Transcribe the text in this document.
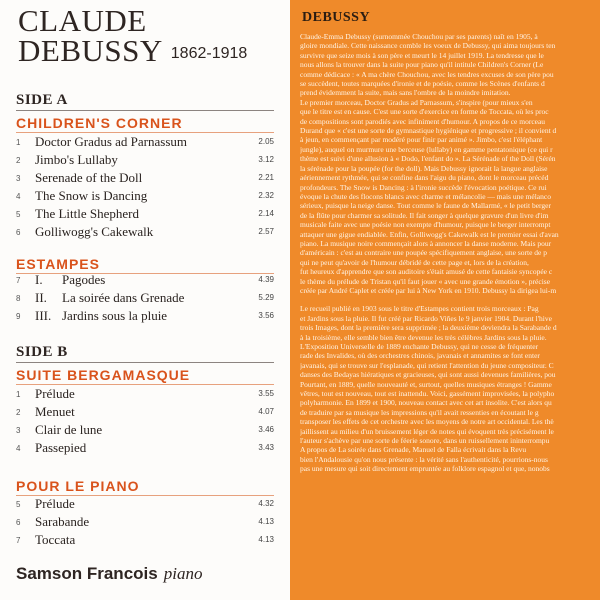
CLAUDE
DEBUSSY 1862-1918
SIDE A
CHILDREN'S CORNER
1	Doctor Gradus ad Parnassum	2.05
2	Jimbo's Lullaby	3.12
3	Serenade of the Doll	2.21
4	The Snow is Dancing	2.32
5	The Little Shepherd	2.14
6	Golliwogg's Cakewalk	2.57
ESTAMPES
7	I. Pagodes	4.39
8	II. La soirée dans Grenade	5.29
9	III. Jardins sous la pluie	3.56
SIDE B
SUITE BERGAMASQUE
1	Prélude	3.55
2	Menuet	4.07
3	Clair de lune	3.46
4	Passepied	3.43
POUR LE PIANO
5	Prélude	4.32
6	Sarabande	4.13
7	Toccata	4.13
Samson Francois piano
DEBUSSY
Claude-Emma Debussy (surnommée Chouchou par ses parents) naît en 1905, à
gloire mondiale. Cette naissance comble les voeux de Debussy, qui aima toujours ten
survivre que seize mois à son père et meurt le 14 juillet 1919. La tendresse que le
nous allons la trouver dans la suite pour piano qu'il intitule Children's Corner (Le
comme dédicace : « A ma chère Chouchou, avec les tendres excuses de son père pou
se succèdent, toutes marquées d'ironie et de poésie, comme les Scènes d'enfants d
prend évidemment la suite, mais sans l'ombre de la moindre imitation.
Le premier morceau, Doctor Gradus ad Parnassum, s'inspire (pour mieux s'en
que le titre est en cause. C'est une sorte d'exercice en forme de Toccata, où les proc
de compositions sont parodiés avec infiniment d'humour. A propos de ce morceau
Durand que « c'est une sorte de gymnastique hygiénique et progressive ; il convient d
à jeun, en commençant par modéré pour finir par animé ». Jimbo, c'est l'éléphant
jungle), auquel on murmure une berceuse (lullaby) en gamme pentatonique (ce qui r
thème est suivi d'une allusion à « Dodo, l'enfant do ». La Sérénade of the Doll (Sérén
la sérénade pour la poupée (for the doll). Mais Debussy ignorait la langue anglaise
aériennement rythmée, qui se confine dans l'aigu du piano, dont le morceau précéd
profondeurs. The Snow is Dancing : à l'ironie succède l'évocation poétique. Ce rui
évoque la chute des flocons blancs avec charme et mélancolie — mais une mélanco
sérieux, puisque la neige danse. Tout comme le faune de Mallarmé, « le petit berger
de la flûte pour charmer sa solitude. Il fait songer à quelque gravure d'un livre d'im
musicale faite avec une poésie non exempte d'humour, puisque le berger interrompt
attaquer une gigue endiablée. Enfin, Golliwogg's Cakewalk est le premier essai d'avan
piano. La musique noire commençait alors à annoncer la danse moderne. Mais pour
d'américain : c'est au contraire une poupée spécifiquement anglaise, une sorte de p
qui ne peut qu'avoir de l'humour débridé de cette page et, lors de la création,
fut heureux d'apprendre que son auditoire s'était amusé de cette fantaisie syncopée c
le thème du prélude de Tristan qu'il faut jouer « avec une grande émotion », précise
créée par André Caplet et créée par lui à New York en 1910. Debussy la dirigea lui-m
Le recueil publié en 1903 sous le titre d'Estampes contient trois morceaux : Pag
et Jardins sous la pluie. Il fut créé par Ricardo Viñes le 9 janvier 1904. Durant l'hive
trois Images, dont la première sera supprimée ; la deuxième deviendra la Sarabande d
à la troisième, elle semble bien être devenue les très célèbres Jardins sous la pluie.
L'Exposition Universelle de 1889 enchante Debussy, qui ne cesse de fréquenter
rade des Invalides, où des orchestres chinois, javanais et annamites se font enter
javanais, qui se trouve sur l'esplanade, qui retient l'attention du jeune compositeur. C
danses des Bedayas hiératiques et gracieuses, qui sont aussi devenues familières, pou
Pourtant, en 1889, quelle nouveauté et, surtout, quelles musiques étranges ! Gamme
vêtres, tout est nouveau, tout est inattendu. Voici, gassément improvisées, la polypho
polyharmonie. En 1899 et 1900, nouveau contact avec cet art insolite. C'est alors qu
de traduire par sa musique les impressions qu'il avait ressenties en écoutant le g
transposer les effets de cet orchestre avec les moyens de notre art occidental. Les thè
jaillissent au milieu d'un bruissement léger de notes qui évoquent très précisément le
l'auteur s'achève par une sorte de féerie sonore, dans un ruissellement ininterrompu
A propos de La soirée dans Grenade, Manuel de Falla écrivait dans la Revu
bien l'Andalousie qu'on nous présente : la vérité sans l'authenticité, pourrions-nous
pas une mesure qui soit directement empruntée au folklore espagnol et que, nonobs
